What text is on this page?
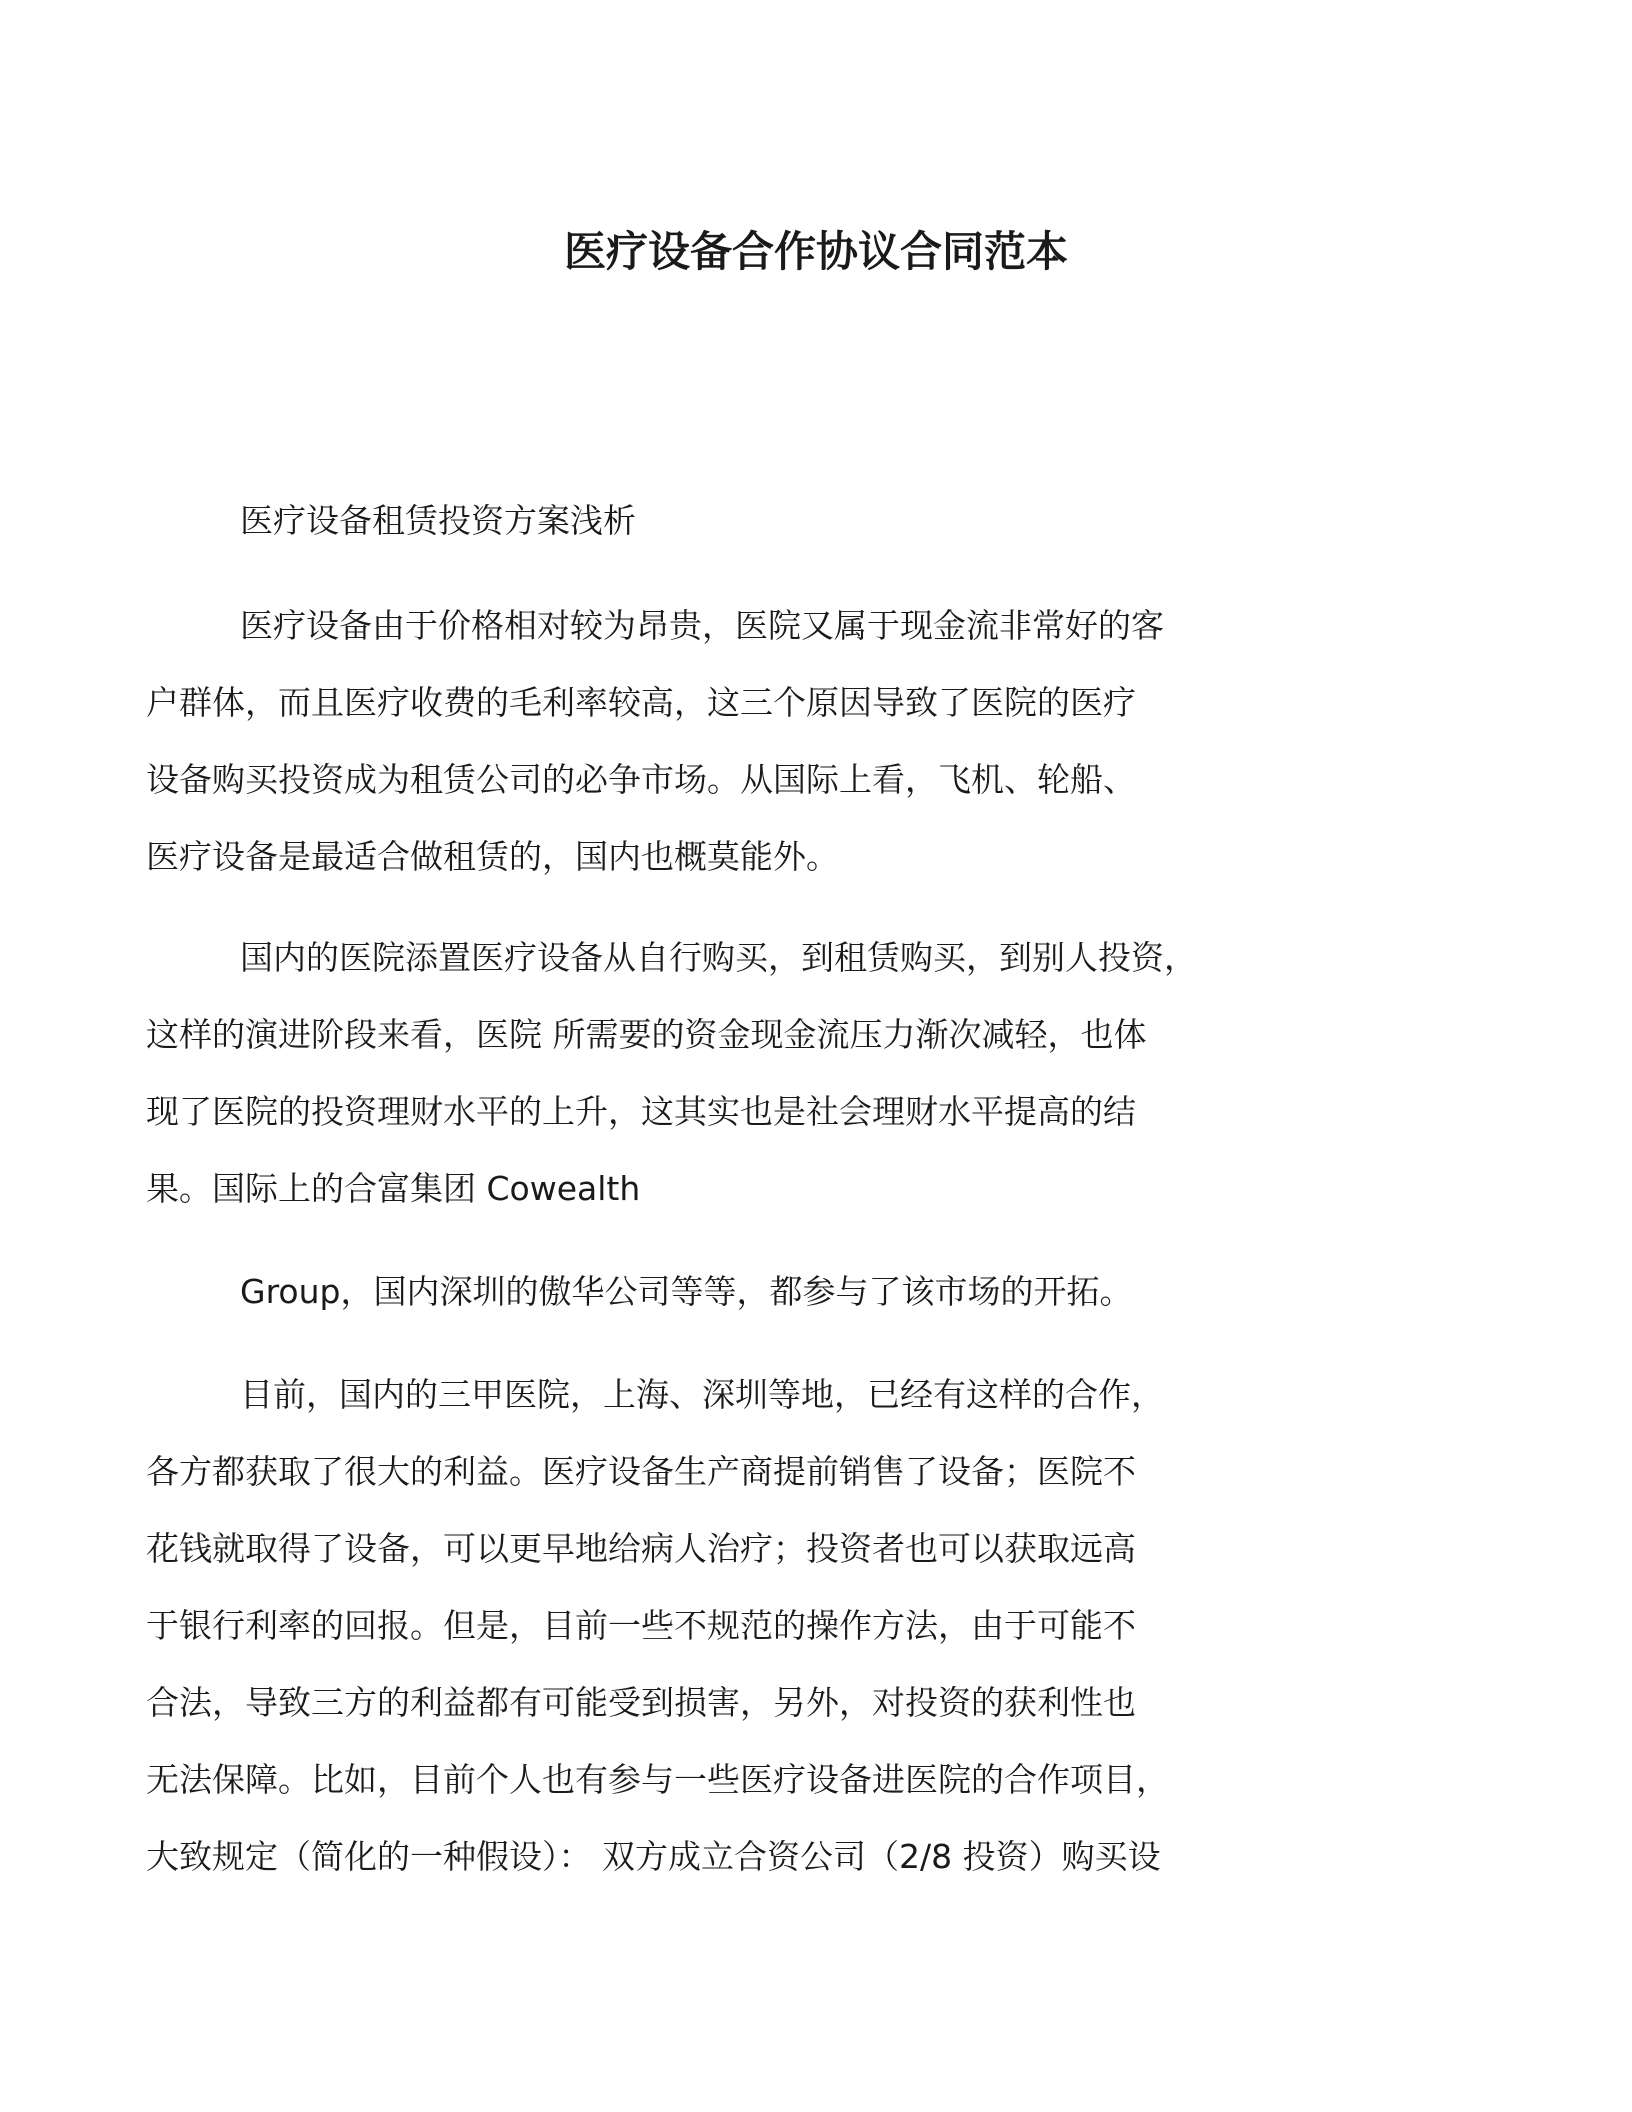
医疗设备合作协议合同范本
医疗设备租赁投资方案浅析
医疗设备由于价格相对较为昂贵，医院又属于现金流非常好的客
户群体，而且医疗收费的毛利率较高，这三个原因导致了医院的医疗
设备购买投资成为租赁公司的必争市场。从国际上看，飞机、轮船、
医疗设备是最适合做租赁的，国内也概莫能外。
国内的医院添置医疗设备从自行购买，到租赁购买，到别人投资，
这样的演进阶段来看，医院 所需要的资金现金流压力渐次减轻，也体
现了医院的投资理财水平的上升，这其实也是社会理财水平提高的结
果。国际上的合富集团 Cowealth
Group，国内深圳的傲华公司等等，都参与了该市场的开拓。
目前，国内的三甲医院，上海、深圳等地，已经有这样的合作，
各方都获取了很大的利益。医疗设备生产商提前销售了设备；医院不
花钱就取得了设备，可以更早地给病人治疗；投资者也可以获取远高
于银行利率的回报。但是，目前一些不规范的操作方法，由于可能不
合法，导致三方的利益都有可能受到损害，另外，对投资的获利性也
无法保障。比如，目前个人也有参与一些医疗设备进医院的合作项目，
大致规定（简化的一种假设）： 双方成立合资公司（2/8 投资）购买设
